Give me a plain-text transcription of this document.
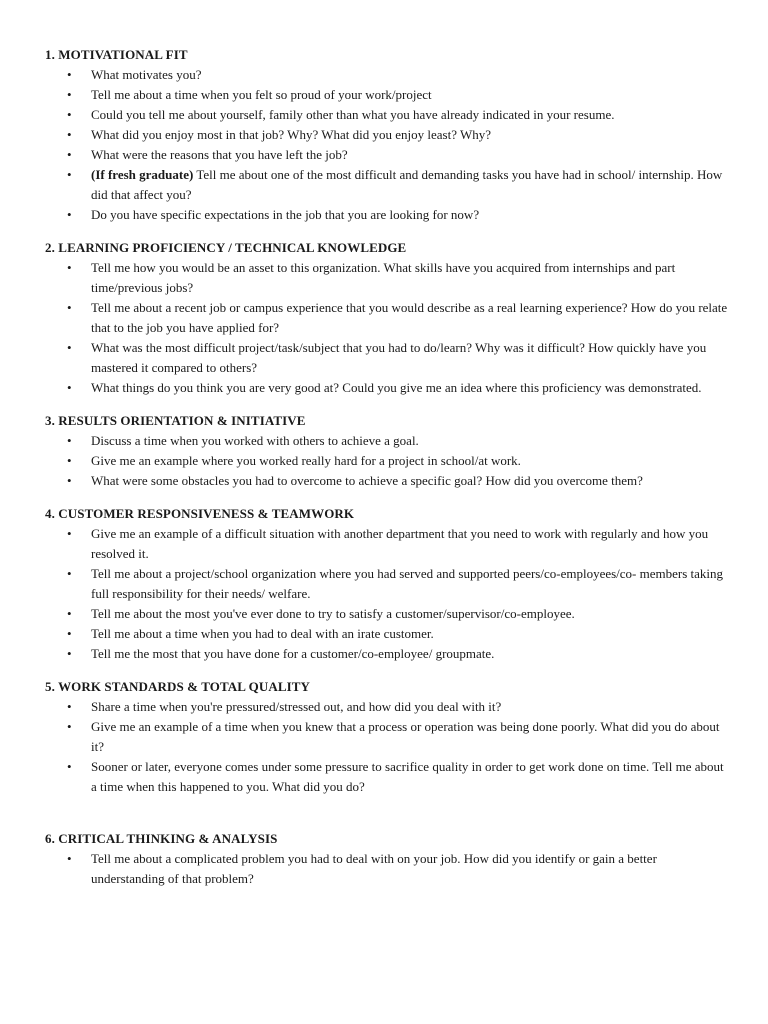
1. MOTIVATIONAL FIT
• What motivates you?
• Tell me about a time when you felt so proud of your work/project
• Could you tell me about yourself, family other than what you have already indicated in your resume.
• What did you enjoy most in that job? Why? What did you enjoy least? Why?
• What were the reasons that you have left the job?
• (If fresh graduate) Tell me about one of the most difficult and demanding tasks you have had in school/ internship. How did that affect you?
• Do you have specific expectations in the job that you are looking for now?
2. LEARNING PROFICIENCY / TECHNICAL KNOWLEDGE
• Tell me how you would be an asset to this organization. What skills have you acquired from internships and part time/previous jobs?
• Tell me about a recent job or campus experience that you would describe as a real learning experience? How do you relate that to the job you have applied for?
• What was the most difficult project/task/subject that you had to do/learn? Why was it difficult? How quickly have you mastered it compared to others?
• What things do you think you are very good at? Could you give me an idea where this proficiency was demonstrated.
3. RESULTS ORIENTATION & INITIATIVE
• Discuss a time when you worked with others to achieve a goal.
• Give me an example where you worked really hard for a project in school/at work.
• What were some obstacles you had to overcome to achieve a specific goal? How did you overcome them?
4. CUSTOMER RESPONSIVENESS & TEAMWORK
• Give me an example of a difficult situation with another department that you need to work with regularly and how you resolved it.
• Tell me about a project/school organization where you had served and supported peers/co-employees/co- members taking full responsibility for their needs/ welfare.
• Tell me about the most you've ever done to try to satisfy a customer/supervisor/co-employee.
• Tell me about a time when you had to deal with an irate customer.
• Tell me the most that you have done for a customer/co-employee/ groupmate.
5. WORK STANDARDS & TOTAL QUALITY
• Share a time when you're pressured/stressed out, and how did you deal with it?
• Give me an example of a time when you knew that a process or operation was being done poorly. What did you do about it?
• Sooner or later, everyone comes under some pressure to sacrifice quality in order to get work done on time. Tell me about a time when this happened to you. What did you do?
6. CRITICAL THINKING & ANALYSIS
• Tell me about a complicated problem you had to deal with on your job. How did you identify or gain a better understanding of that problem?
